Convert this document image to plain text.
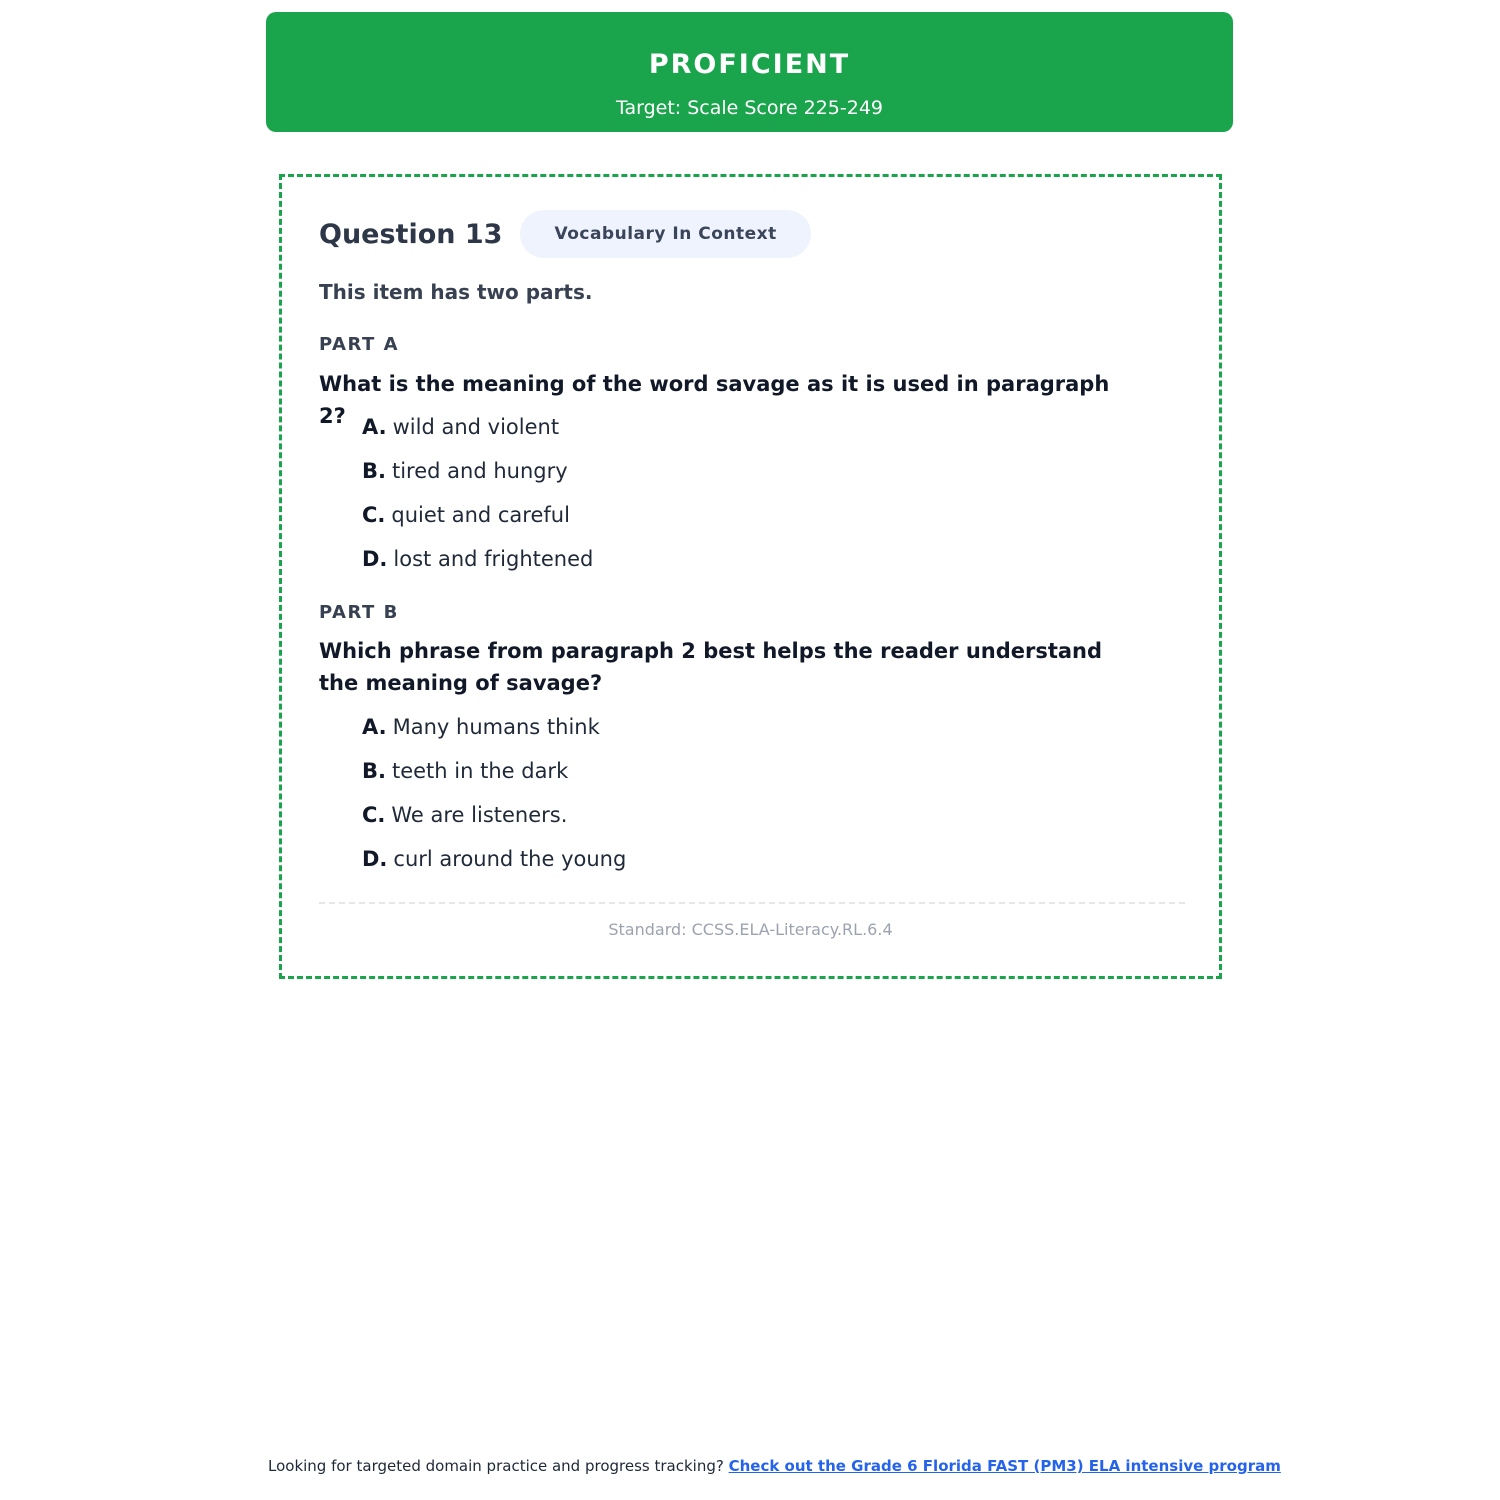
PROFICIENT
Target: Scale Score 225-249
Question 13	Vocabulary In Context
This item has two parts.
PART A
What is the meaning of the word savage as it is used in paragraph 2? A. wild and violent
B. tired and hungry
C. quiet and careful
D. lost and frightened
PART B
Which phrase from paragraph 2 best helps the reader understand the meaning of savage?
A. Many humans think
B. teeth in the dark
C. We are listeners.
D. curl around the young
Standard: CCSS.ELA-Literacy.RL.6.4
Looking for targeted domain practice and progress tracking? Check out the Grade 6 Florida FAST (PM3) ELA intensive program
